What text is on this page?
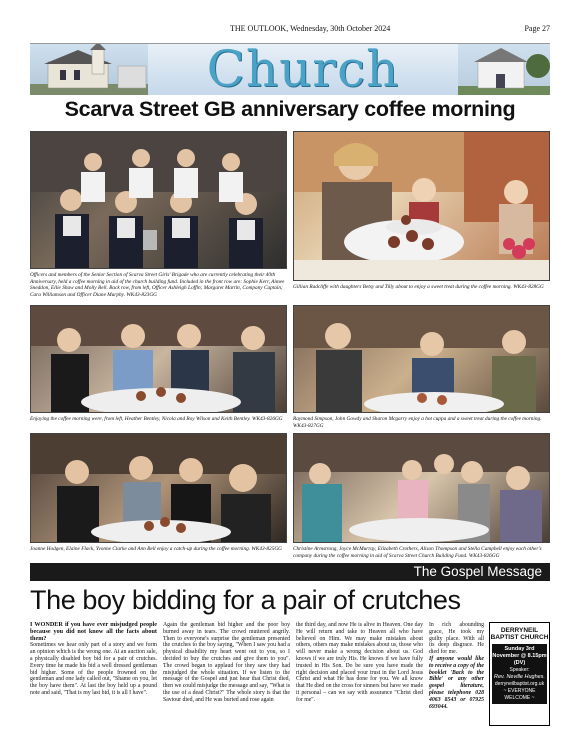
THE OUTLOOK, Wednesday, 30th October 2024	Page 27
Church
Scarva Street GB anniversary coffee morning
Officers and members of the Senior Section of Scarva Street Girls' Brigade who are currently celebrating their 40th Anniversary, held a coffee morning in aid of the church building fund. Included in the front row are: Sophie Kerr, Aimee Sneddon, Ellie Shaw and Molly Bell. Back row, from left, Officer Ashleigh Loffin; Margaret Martin, Company Captain; Cara Williamson and Officer Diane Murphy. WK43-823GG
Gillian Radcliffe with daughters Betsy and Tilly about to enjoy a sweet treat during the coffee morning. WK43-828GG
Enjoying the coffee morning were, from left, Heather Bentley, Nicola and Roy Wilson and Keith Bentley. WK43-826GG	Raymond Simpson, John Gowdy and Sharon Mcgarry enjoy a hot cuppa and a sweet treat during the coffee morning. WK43-827GG
Joanne Hodgen, Elaine Flack, Yvonne Clarke and Ann Bell enjoy a catch-up during the coffee morning. WK43-825GG	Christine Armstrong, Joyce McMurray, Elizabeth Crothers, Alison Thompson and Stella Campbell enjoy each other's company during the coffee morning in aid of Scarva Street Church Building Fund. WK43-826GG
The Gospel Message
The boy bidding for a pair of crutches

I WONDER if you have ever misjudged people because you did not know all the facts about them?

Sometimes we hear only part of a story and we form an opinion which is the wrong one. At an auction sale, a physically disabled boy bid for a pair of crutches. Every time he made his bid a well dressed gentleman bid higher. Some of the people frowned on the gentleman and one lady called out, "Shame on you, let the boy have them". At last the boy held up a pound note and said, "That is my last bid, it is all I have".

Again the gentleman bid higher and the poor boy burned away in tears. The crowd muttered angrily. Then to everyone's surprise the gentleman presented the crutches to the boy saying, "When I saw you had a physical disability my heart went out to you, so I decided to buy the crutches and give them to you". The crowd began to applaud for they saw they had misjudged the whole situation. If we listen to the message of the Gospel and just hear that Christ died, then we could misjudge the message and say, "What is the use of a dead Christ?" The whole story is that the Saviour died, and He was buried and rose again

the third day, and now He is alive in Heaven. One day He will return and take to Heaven all who have believed on Him. We may make mistakes about others, others may make mistakes about us, those who will never make a wrong decision about us. God knows if we are truly His. He knows if we have fully trusted in His Son. Do be sure you have made the right decision and placed your trust in the Lord Jesus Christ and what He has done for you. We all know that He died on the cross for sinners but have we made it personal – can we say with assurance "Christ died for me".

In rich abounding grace, He took my guilty place. With all its deep disgrace. He died for me.

If anyone would like to receive a copy of the booklet 'Back to the Bible' or any other gospel literature, please telephone 028 4063 8543 or 07925 693044.

DERRYNEIL
BAPTIST CHURCH
Sunday 3rd November @ 8.15pm (DV)
Speaker:
Rev. Neville Hughes.
derryneilbaptist.org.uk
~ EVERYONE WELCOME ~
